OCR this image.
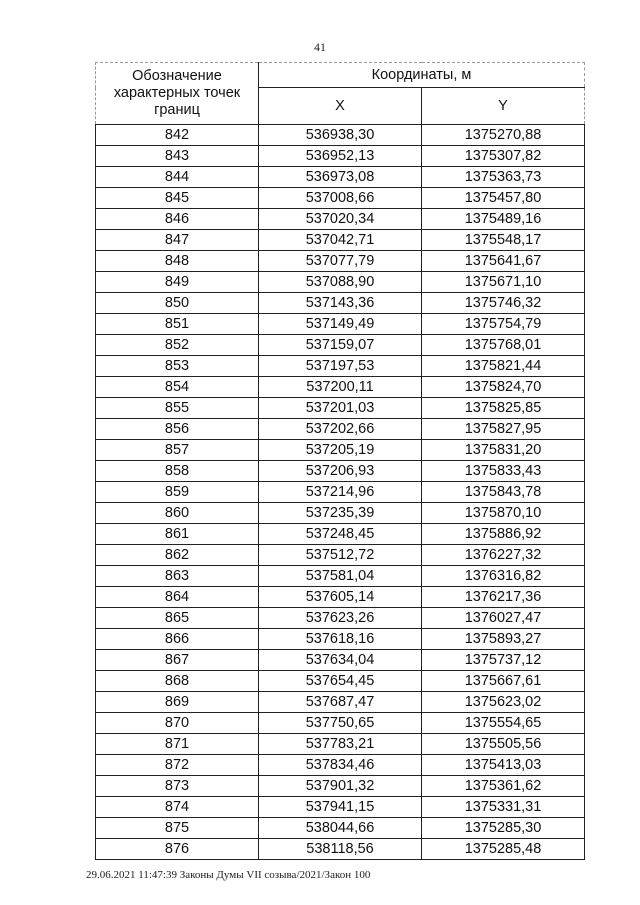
41
Обозначение характерных точек границ	Координаты, м	
	X	Y
842	536938,30	1375270,88
843	536952,13	1375307,82
844	536973,08	1375363,73
845	537008,66	1375457,80
846	537020,34	1375489,16
847	537042,71	1375548,17
848	537077,79	1375641,67
849	537088,90	1375671,10
850	537143,36	1375746,32
851	537149,49	1375754,79
852	537159,07	1375768,01
853	537197,53	1375821,44
854	537200,11	1375824,70
855	537201,03	1375825,85
856	537202,66	1375827,95
857	537205,19	1375831,20
858	537206,93	1375833,43
859	537214,96	1375843,78
860	537235,39	1375870,10
861	537248,45	1375886,92
862	537512,72	1376227,32
863	537581,04	1376316,82
864	537605,14	1376217,36
865	537623,26	1376027,47
866	537618,16	1375893,27
867	537634,04	1375737,12
868	537654,45	1375667,61
869	537687,47	1375623,02
870	537750,65	1375554,65
871	537783,21	1375505,56
872	537834,46	1375413,03
873	537901,32	1375361,62
874	537941,15	1375331,31
875	538044,66	1375285,30
876	538118,56	1375285,48
29.06.2021 11:47:39 Законы Думы VII созыва/2021/Закон 100
